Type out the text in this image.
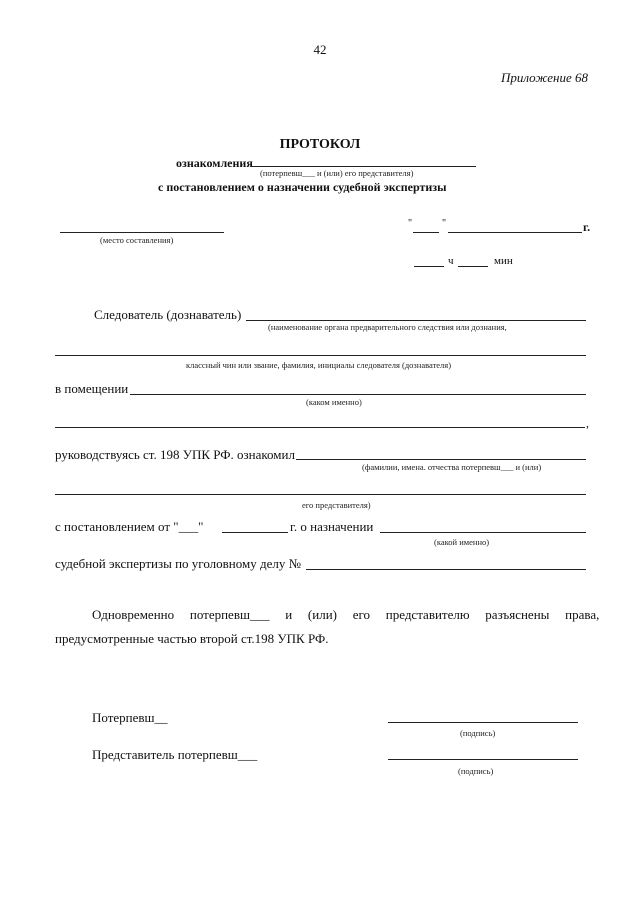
42
Приложение 68
ПРОТОКОЛ
ознакомления
(потерпевш___ и (или) его представителя)
с постановлением о назначении судебной экспертизы
"	"	г.
(место составления)
ч	мин
Следователь (дознаватель)
(наименование органа предварительного следствия или дознания,
классный чин или звание, фамилия, инициалы следователя (дознавателя)
в помещении
(каком именно)
,
руководствуясь ст. 198 УПК РФ. ознакомил
(фамилии, имена. отчества потерпевш___ и (или)
его представителя)
с постановлением от "___"	г. о назначении
(какой именно)
судебной экспертизы по уголовному делу №
Одновременно потерпевш___ и (или) его представителю разъяснены права,
предусмотренные частью второй ст.198 УПК РФ.
Потерпевш__
(подпись)
Представитель потерпевш___
(подпись)
